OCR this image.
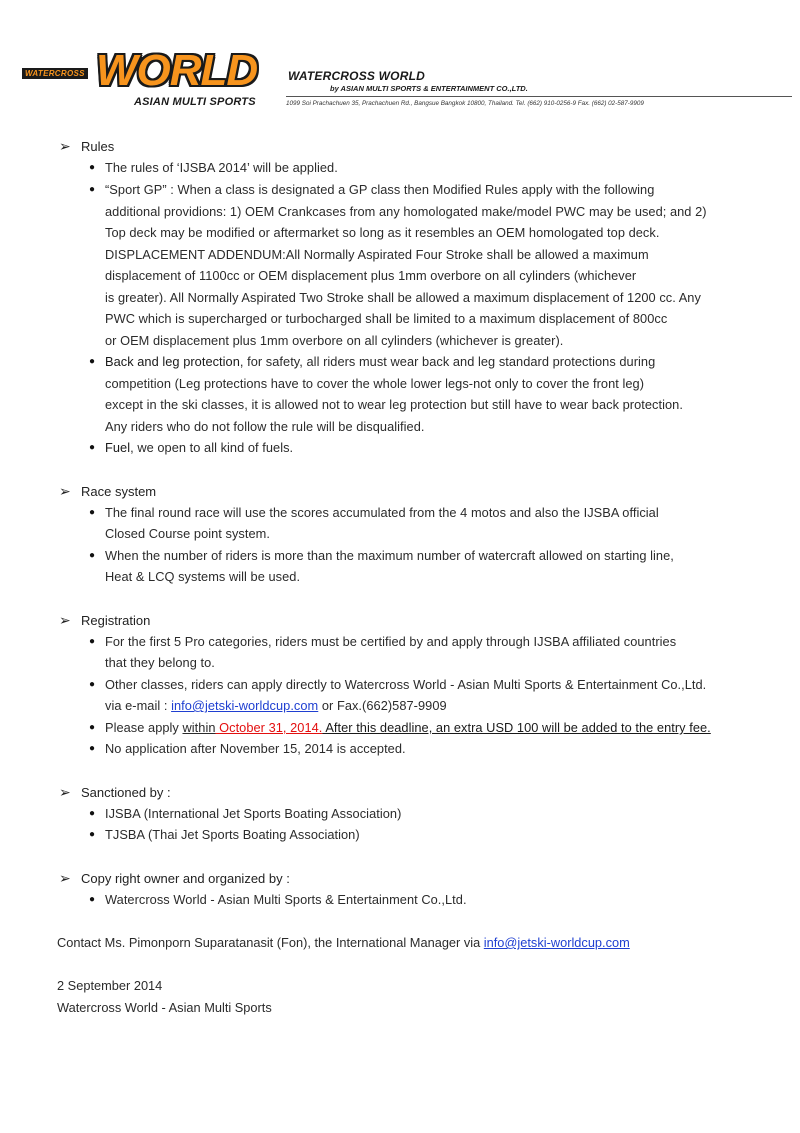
WATERCROSS WORLD
ASIAN MULTI SPORTS
WATERCROSS WORLD
by ASIAN MULTI SPORTS & ENTERTAINMENT CO.,LTD.
1099 Soi Prachachuen 35, Prachachuen Rd., Bangsue Bangkok 10800, Thailand. Tel. (662) 910-0256-9 Fax. (662) 02-587-9909
➢ Rules
● The rules of ‘IJSBA 2014’ will be applied.
● “Sport GP” : When a class is designated a GP class then Modified Rules apply with the following
additional providions: 1) OEM Crankcases from any homologated make/model PWC may be used; and 2)
Top deck may be modified or aftermarket so long as it resembles an OEM homologated top deck.
DISPLACEMENT ADDENDUM:All Normally Aspirated Four Stroke shall be allowed a maximum
displacement of 1100cc or OEM displacement plus 1mm overbore on all cylinders (whichever
is greater). All Normally Aspirated Two Stroke shall be allowed a maximum displacement of 1200 cc. Any
PWC which is supercharged or turbocharged shall be limited to a maximum displacement of 800cc
or OEM displacement plus 1mm overbore on all cylinders (whichever is greater).
● Back and leg protection, for safety, all riders must wear back and leg standard protections during
competition (Leg protections have to cover the whole lower legs-not only to cover the front leg)
except in the ski classes, it is allowed not to wear leg protection but still have to wear back protection.
Any riders who do not follow the rule will be disqualified.
● Fuel, we open to all kind of fuels.
➢ Race system
● The final round race will use the scores accumulated from the 4 motos and also the IJSBA official
Closed Course point system.
● When the number of riders is more than the maximum number of watercraft allowed on starting line,
Heat & LCQ systems will be used.
➢ Registration
● For the first 5 Pro categories, riders must be certified by and apply through IJSBA affiliated countries
that they belong to.
● Other classes, riders can apply directly to Watercross World - Asian Multi Sports & Entertainment Co.,Ltd.
via e-mail : info@jetski-worldcup.com or Fax.(662)587-9909
● Please apply within October 31, 2014. After this deadline, an extra USD 100 will be added to the entry fee.
● No application after November 15, 2014 is accepted.
➢ Sanctioned by :
● IJSBA (International Jet Sports Boating Association)
● TJSBA (Thai Jet Sports Boating Association)
➢ Copy right owner and organized by :
● Watercross World - Asian Multi Sports & Entertainment Co.,Ltd.
Contact Ms. Pimonporn Suparatanasit (Fon), the International Manager via info@jetski-worldcup.com
2 September 2014
Watercross World - Asian Multi Sports
